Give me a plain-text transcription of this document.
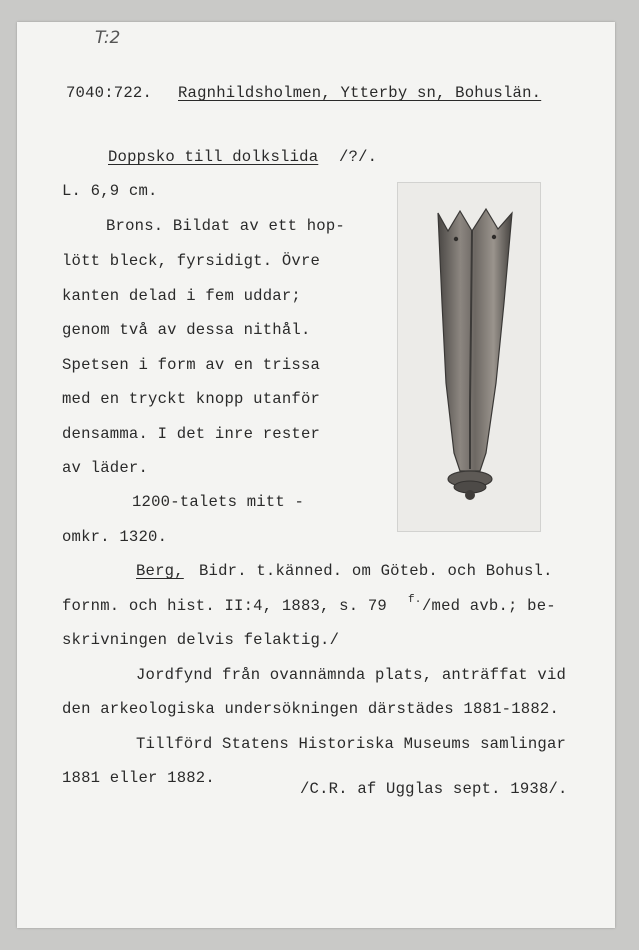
T:2
7040:722. Ragnhildsholmen, Ytterby sn, Bohuslän.
Doppsko till dolkslida /?/.
L. 6,9 cm.
Brons. Bildat av ett hop-
lött bleck, fyrsidigt. Övre
kanten delad i fem uddar;
genom två av dessa nithål.
Spetsen i form av en trissa
med en tryckt knopp utanför
densamma. I det inre rester
av läder.
1200-talets mitt -
omkr. 1320.
Berg, Bidr. t.känned. om Göteb. och Bohusl.
fornm. och hist. II:4, 1883, s. 79 f. /med avb.; be-
skrivningen delvis felaktig./
Jordfynd från ovannämnda plats, anträffat vid
den arkeologiska undersökningen därstädes 1881-1882.
Tillförd Statens Historiska Museums samlingar
1881 eller 1882.
/C.R. af Ugglas sept. 1938/.
